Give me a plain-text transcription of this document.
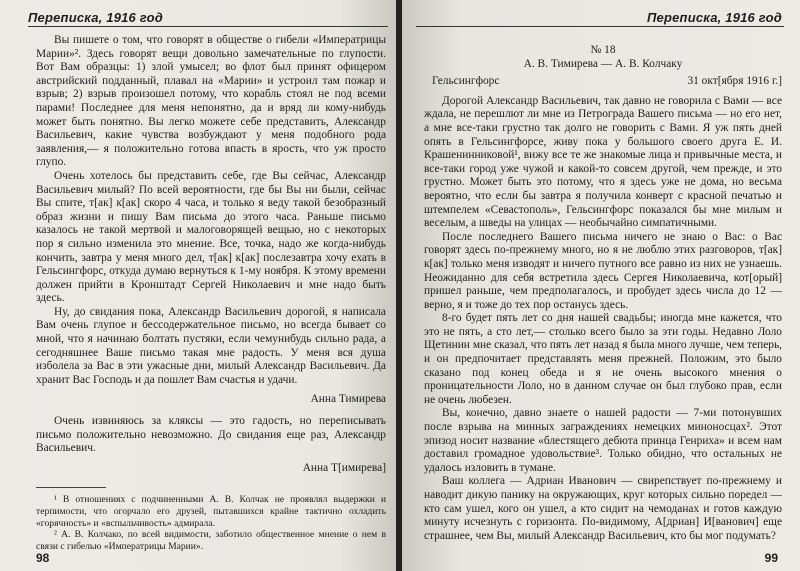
Переписка, 1916 год

Вы пишете о том, что говорят в обществе о гибели «Императрицы Марии»². Здесь говорят вещи довольно замечательные по глупости. Вот Вам образцы: 1) злой умысел; во флот был принят офицером австрийский подданный, плавал на «Марии» и устроил там пожар и взрыв; 2) взрыв произошел потому, что корабль стоял не под всеми парами! Последнее для меня непонятно, да и вряд ли кому-нибудь может быть понятно. Вы легко можете себе представить, Александр Васильевич, какие чувства возбуждают у меня подобного рода заявления,— я положительно готова впасть в ярость, что уж просто глупо.

Очень хотелось бы представить себе, где Вы сейчас, Александр Васильевич милый? По всей вероятности, где бы Вы ни были, сейчас Вы спите, т[ак] к[ак] скоро 4 часа, и только я веду такой безобразный образ жизни и пишу Вам письма до этого часа. Раньше письмо казалось не такой мертвой и малоговорящей вещью, но с некоторых пор я сильно изменила это мнение. Все, точка, надо же когда-нибудь кончить, завтра у меня много дел, т[ак] к[ак] послезавтра хочу ехать в Гельсингфорс, откуда думаю вернуться к 1-му ноября. К этому времени должен прийти в Кронштадт Сергей Николаевич и мне надо быть здесь.

Ну, до свидания пока, Александр Васильевич дорогой, я написала Вам очень глупое и бессодержательное письмо, но всегда бывает со мной, что я начинаю болтать пустяки, если чемунибудь сильно рада, а сегодняшнее Ваше письмо такая мне радость. У меня вся душа изболела за Вас в эти ужасные дни, милый Александр Васильевич. Да хранит Вас Господь и да пошлет Вам счастья и удачи.

Анна Тимирева

Очень извиняюсь за кляксы — это гадость, но переписывать письмо положительно невозможно. До свидания еще раз, Александр Васильевич.

Анна Т[имирева]

¹ В отношениях с подчиненными А. В. Колчак не проявлял выдержки и терпимости, что огорчало его друзей, пытавшихся крайне тактично охладить «горячность» и «вспыльчивость» адмирала.

² А. В. Колчако, по всей видимости, заботило общественное мнение о нем в связи с гибелью «Императрицы Марии».

98
Переписка, 1916 год
№ 18
А. В. Тимирева — А. В. Колчаку
Гельсингфорс	31 окт[ября 1916 г.]

Дорогой Александр Васильевич, так давно не говорила с Вами — все ждала, не перешлют ли мне из Петрограда Вашего письма — но его нет, а мне все-таки грустно так долго не говорить с Вами. Я уж пять дней опять в Гельсингфорсе, живу пока у большого своего друга Е. И. Крашенинниковой¹, вижу все те же знакомые лица и привычные места, и все-таки город уже чужой и какой-то совсем другой, чем прежде, и это грустно. Может быть это потому, что я здесь уже не дома, но весьма вероятно, что если бы завтра я получила конверт с красной печатью и штемпелем «Севастополь», Гельсингфорс показался бы мне милым и веселым, а шведы на улицах — необычайно симпатичными.

После последнего Вашего письма ничего не знаю о Вас: о Вас говорят здесь по-прежнему много, но я не люблю этих разговоров, т[ак] к[ак] только меня изводят и ничего путного все равно из них не узнаешь. Неожиданно для себя встретила здесь Сергея Николаевича, кот[орый] пришел раньше, чем предполагалось, и пробудет здесь числа до 12 — верно, я и тоже до тех пор останусь здесь.

8-го будет пять лет со дня нашей свадьбы; иногда мне кажется, что это не пять, а сто лет,— столько всего было за эти годы. Недавно Лоло Щетинин мне сказал, что пять лет назад я была много лучше, чем теперь, и он предпочитает представлять меня прежней. Положим, это было сказано под конец обеда и я не очень высокого мнения о проницательности Лоло, но в данном случае он был глубоко прав, если не очень любезен.

Вы, конечно, давно знаете о нашей радости — 7-ми потонувших после взрыва на минных заграждениях немецких миноносцах². Этот эпизод носит название «блестящего дебюта принца Генриха» и всем нам доставил громадное удовольствие³. Только обидно, что остальных не удалось изловить в тумане.

Ваш коллега — Адриан Иванович — свирепствует по-прежнему и наводит дикую панику на окружающих, круг которых сильно поредел — кто сам ушел, кого он ушел, а кто сидит на чемоданах и готов каждую минуту исчезнуть с горизонта. По-видимому, А[дриан] И[ванович] еще страшнее, чем Вы, милый Александр Васильевич, кто бы мог подумать?

99
